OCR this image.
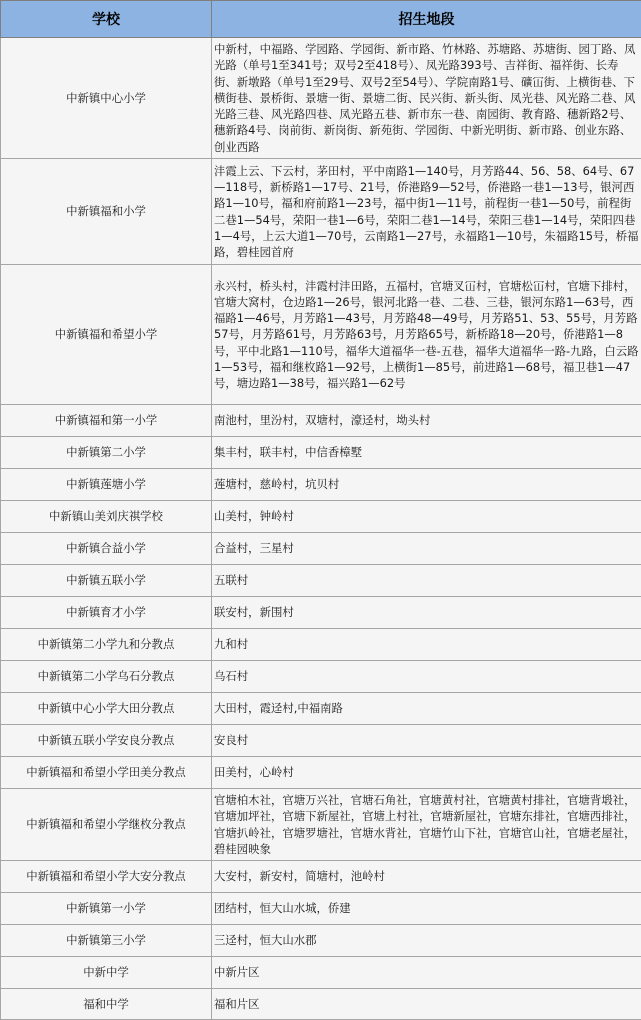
学校	招生地段
中新镇中心小学	中新村，中福路、学园路、学园街、新市路、竹林路、苏塘路、苏塘街、园丁路、凤光路（单号1至341号；双号2至418号）、凤光路393号、吉祥街、福祥街、长寿街、新墩路（单号1至29号、双号2至54号）、学院南路1号、礦冚街、上横街巷、下横街巷、景桥街、景塘一街、景塘二街、民兴街、新头街、凤光巷、风光路二巷、风光路三巷、风光路四巷、凤光路五巷、新市东一巷、南园街、教育路、穗新路2号、穗新路4号、岗前街、新岗街、新苑街、学园街、中新光明街、新市路、创业东路、创业西路
中新镇福和小学	沣霞上云、下云村，茅田村，平中南路1—140号，月芳路44、56、58、64号、67—118号，新桥路1—17号、21号，侨港路9—52号，侨港路一巷1—13号，银河西路1—10号，福和府前路1—23号，福中街1—11号，前程街一巷1—50号，前程街二巷1—54号，荣阳一巷1—6号，荣阳二巷1—14号，荣阳三巷1—14号，荣阳四巷1—4号，上云大道1—70号，云南路1—27号，永福路1—10号，朱福路15号，桥福路，碧桂园首府
中新镇福和希望小学	永兴村，桥头村，沣霞村沣田路，五福村，官塘叉冚村，官塘松冚村，官塘下排村，官塘大窝村，仓边路1—26号，银河北路一巷、二巷、三巷，银河东路1—63号，西福路1—46号，月芳路1—43号，月芳路48—49号，月芳路51、53、55号，月芳路57号，月芳路61号，月芳路63号，月芳路65号，新桥路18—20号，侨港路1—8号，平中北路1—110号，福华大道福华一巷-五巷，福华大道福华一路-九路，白云路1—53号，福和继枚路1—92号，上横街1—85号，前进路1—68号，福卫巷1—47号，塘边路1—38号，福兴路1—62号
中新镇福和第一小学	南池村，里汾村，双塘村，濠迳村，坳头村
中新镇第二小学	集丰村，联丰村，中信香樟墅
中新镇莲塘小学	莲塘村，慈岭村，坑贝村
中新镇山美刘庆祺学校	山美村，钟岭村
中新镇合益小学	合益村，三星村
中新镇五联小学	五联村
中新镇育才小学	联安村，新围村
中新镇第二小学九和分教点	九和村
中新镇第二小学乌石分教点	乌石村
中新镇中心小学大田分教点	大田村，霞迳村,中福南路
中新镇五联小学安良分教点	安良村
中新镇福和希望小学田美分教点	田美村，心岭村
中新镇福和希望小学继枚分教点	官塘柏木社，官塘万兴社，官塘石角社，官塘黄村社，官塘黄村排社，官塘背塅社，官塘加坪社，官塘下新屋社，官塘上村社，官塘新屋社，官塘东排社，官塘西排社，官塘扒岭社，官塘罗塘社，官塘水背社，官塘竹山下社，官塘官山社，官塘老屋社，碧桂园映象
中新镇福和希望小学大安分教点	大安村，新安村，简塘村，池岭村
中新镇第一小学	团结村，恒大山水城，侨建
中新镇第三小学	三迳村，恒大山水郡
中新中学	中新片区
福和中学	福和片区
